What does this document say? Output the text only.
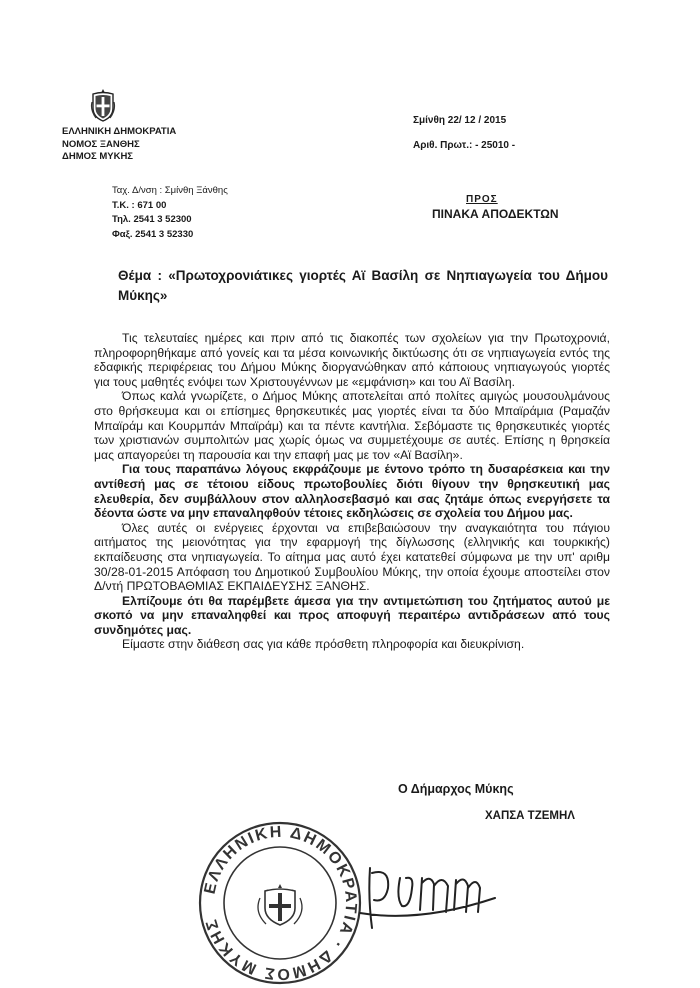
ΕΛΛΗΝΙΚΗ ΔΗΜΟΚΡΑΤΙΑ
ΝΟΜΟΣ ΞΑΝΘΗΣ
ΔΗΜΟΣ ΜΥΚΗΣ
Ταχ. Δ/νση : Σμίνθη Ξάνθης
Τ.Κ. : 671 00
Τηλ. 2541 3 52300
Φαξ. 2541 3 52330
Σμίνθη 22/ 12 / 2015
Αριθ. Πρωτ.: - 25010 -
ΠΡΟΣ
ΠΙΝΑΚΑ ΑΠΟΔΕΚΤΩΝ
Θέμα : «Πρωτοχρονιάτικες γιορτές Αϊ Βασίλη σε Νηπιαγωγεία του Δήμου Μύκης»

Τις τελευταίες ημέρες και πριν από τις διακοπές των σχολείων για την Πρωτοχρονιά, πληροφορηθήκαμε από γονείς και τα μέσα κοινωνικής δικτύωσης ότι σε νηπιαγωγεία εντός της εδαφικής περιφέρειας του Δήμου Μύκης διοργανώθηκαν από κάποιους νηπιαγωγούς γιορτές για τους μαθητές ενόψει των Χριστουγέννων με «εμφάνιση» και του Αϊ Βασίλη.

Όπως καλά γνωρίζετε, ο Δήμος Μύκης αποτελείται από πολίτες αμιγώς μουσουλμάνους στο θρήσκευμα και οι επίσημες θρησκευτικές μας γιορτές είναι τα δύο Μπαϊράμια (Ραμαζάν Μπαϊράμ και Κουρμπάν Μπαϊράμ) και τα πέντε καντήλια. Σεβόμαστε τις θρησκευτικές γιορτές των χριστιανών συμπολιτών μας χωρίς όμως να συμμετέχουμε σε αυτές. Επίσης η θρησκεία μας απαγορεύει τη παρουσία και την επαφή μας με τον «Αϊ Βασίλη».

Για τους παραπάνω λόγους εκφράζουμε με έντονο τρόπο τη δυσαρέσκεια και την αντίθεσή μας σε τέτοιου είδους πρωτοβουλίες διότι θίγουν την θρησκευτική μας ελευθερία, δεν συμβάλλουν στον αλληλοσεβασμό και σας ζητάμε όπως ενεργήσετε τα δέοντα ώστε να μην επαναληφθούν τέτοιες εκδηλώσεις σε σχολεία του Δήμου μας.

Όλες αυτές οι ενέργειες έρχονται να επιβεβαιώσουν την αναγκαιότητα του πάγιου αιτήματος της μειονότητας για την εφαρμογή της δίγλωσσης (ελληνικής και τουρκικής) εκπαίδευσης στα νηπιαγωγεία. Το αίτημα μας αυτό έχει κατατεθεί σύμφωνα με την υπ' αριθμ 30/28-01-2015 Απόφαση του Δημοτικού Συμβουλίου Μύκης, την οποία έχουμε αποστείλει στον Δ/ντή ΠΡΩΤΟΒΑΘΜΙΑΣ ΕΚΠΑΙΔΕΥΣΗΣ ΞΑΝΘΗΣ.

Ελπίζουμε ότι θα παρέμβετε άμεσα για την αντιμετώπιση του ζητήματος αυτού με σκοπό να μην επαναληφθεί και προς αποφυγή περαιτέρω αντιδράσεων από τους συνδημότες μας.

Είμαστε στην διάθεση σας για κάθε πρόσθετη πληροφορία και διευκρίνιση.

Ο Δήμαρχος Μύκης
ΧΑΠΣΑ ΤΖΕΜΗΛ
ΕΛΛΗΝΙΚΗ ΔΗΜΟΚΡΑΤΙΑ · ΔΗΜΟΣ ΜΥΚΗΣ
